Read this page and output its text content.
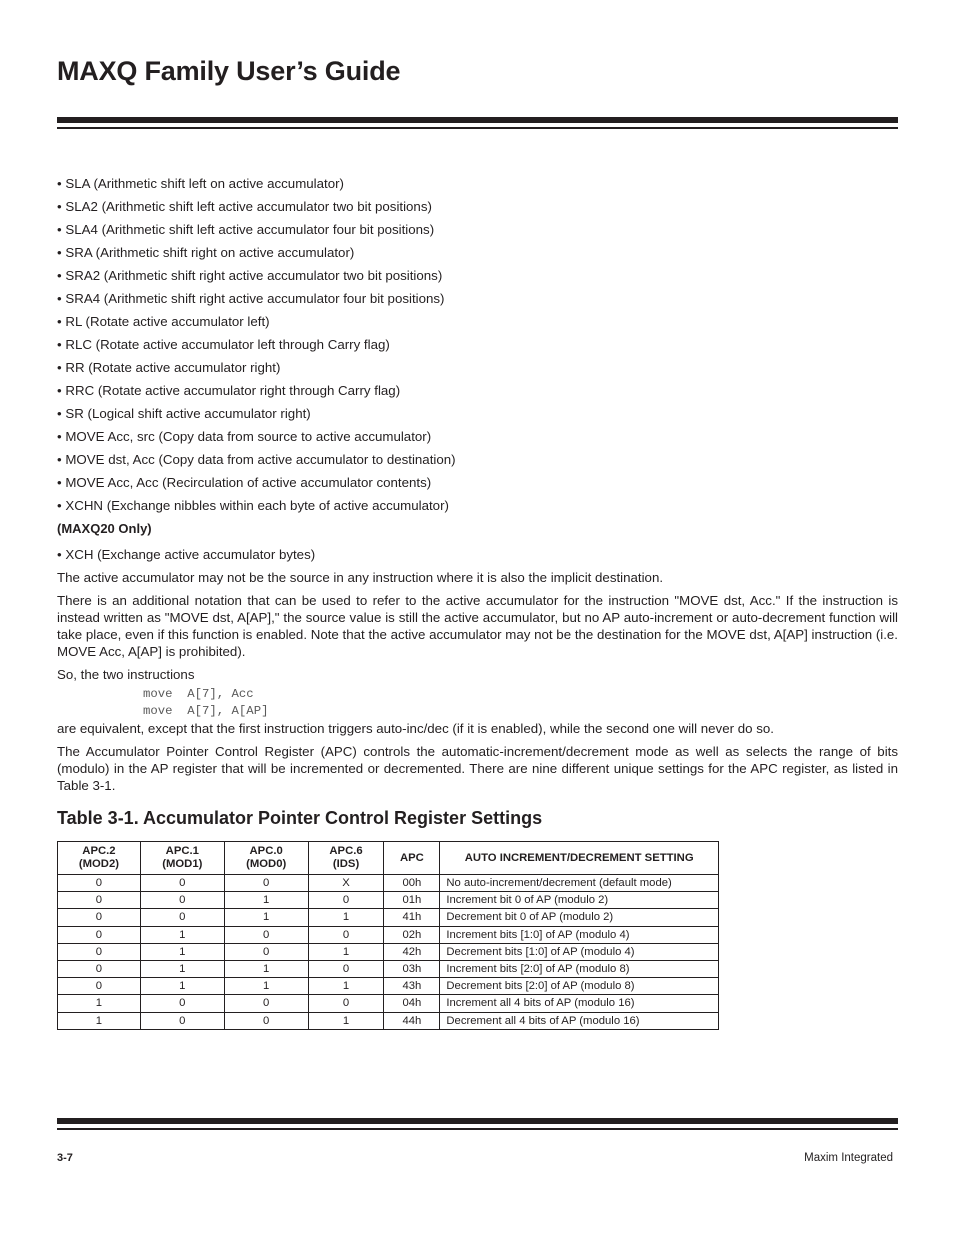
MAXQ Family User’s Guide
• SLA (Arithmetic shift left on active accumulator)
• SLA2 (Arithmetic shift left active accumulator two bit positions)
• SLA4 (Arithmetic shift left active accumulator four bit positions)
• SRA (Arithmetic shift right on active accumulator)
• SRA2 (Arithmetic shift right active accumulator two bit positions)
• SRA4 (Arithmetic shift right active accumulator four bit positions)
• RL (Rotate active accumulator left)
• RLC (Rotate active accumulator left through Carry flag)
• RR (Rotate active accumulator right)
• RRC (Rotate active accumulator right through Carry flag)
• SR (Logical shift active accumulator right)
• MOVE Acc, src (Copy data from source to active accumulator)
• MOVE dst, Acc (Copy data from active accumulator to destination)
• MOVE Acc, Acc (Recirculation of active accumulator contents)
• XCHN (Exchange nibbles within each byte of active accumulator)
(MAXQ20 Only)
• XCH (Exchange active accumulator bytes)

The active accumulator may not be the source in any instruction where it is also the implicit destination.

There is an additional notation that can be used to refer to the active accumulator for the instruction "MOVE dst, Acc." If the instruction is instead written as "MOVE dst, A[AP]," the source value is still the active accumulator, but no AP auto-increment or auto-decrement function will take place, even if this function is enabled. Note that the active accumulator may not be the destination for the MOVE dst, A[AP] instruction (i.e. MOVE Acc, A[AP] is prohibited).

So, the two instructions

move  A[7], Acc
move  A[7], A[AP]

are equivalent, except that the first instruction triggers auto-inc/dec (if it is enabled), while the second one will never do so.

The Accumulator Pointer Control Register (APC) controls the automatic-increment/decrement mode as well as selects the range of bits (modulo) in the AP register that will be incremented or decremented. There are nine different unique settings for the APC register, as listed in Table 3-1.

Table 3-1. Accumulator Pointer Control Register Settings
APC.2
(MOD2)	APC.1
(MOD1)	APC.0
(MOD0)	APC.6
(IDS)	APC	AUTO INCREMENT/DECREMENT SETTING
0	0	0	X	00h	No auto-increment/decrement (default mode)
0	0	1	0	01h	Increment bit 0 of AP (modulo 2)
0	0	1	1	41h	Decrement bit 0 of AP (modulo 2)
0	1	0	0	02h	Increment bits [1:0] of AP (modulo 4)
0	1	0	1	42h	Decrement bits [1:0] of AP (modulo 4)
0	1	1	0	03h	Increment bits [2:0] of AP (modulo 8)
0	1	1	1	43h	Decrement bits [2:0] of AP (modulo 8)
1	0	0	0	04h	Increment all 4 bits of AP (modulo 16)
1	0	0	1	44h	Decrement all 4 bits of AP (modulo 16)
3-7	Maxim Integrated
